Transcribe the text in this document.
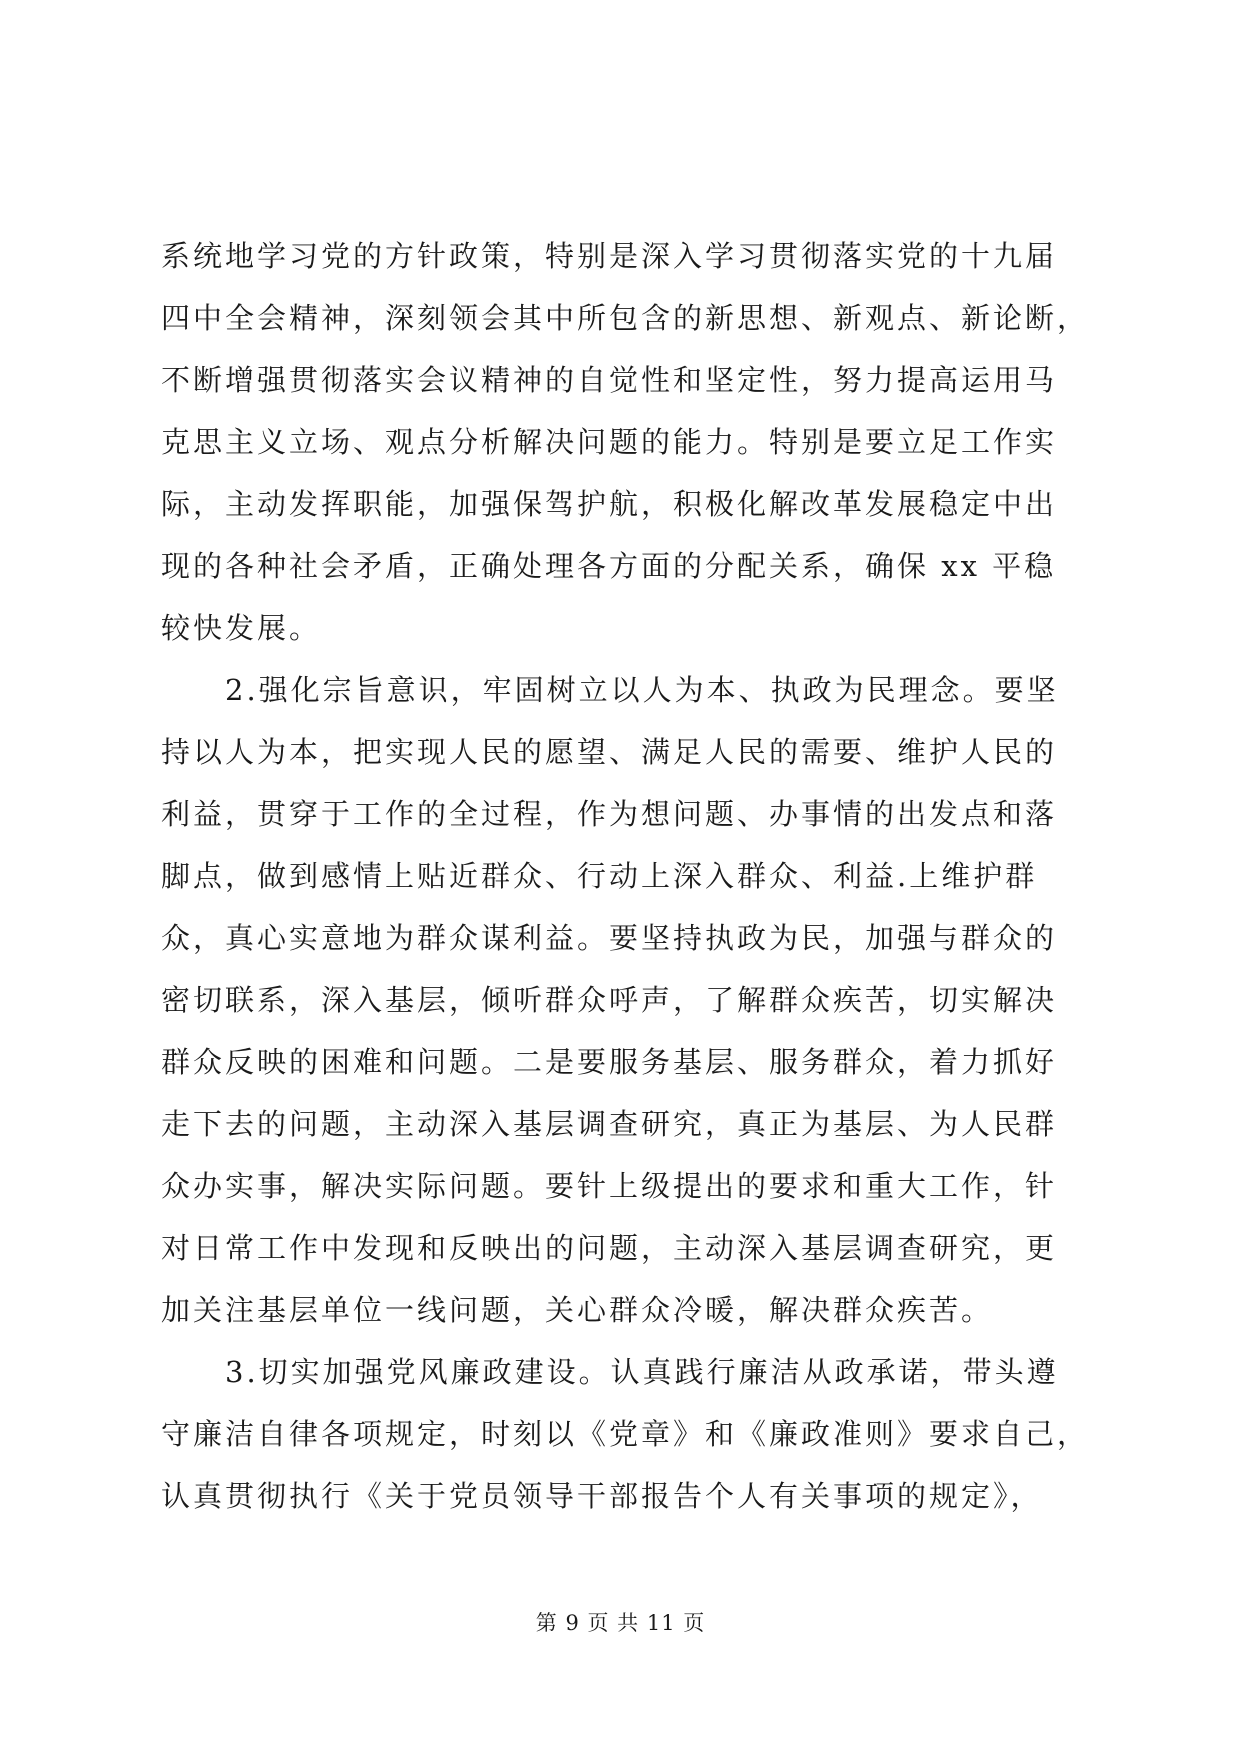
系统地学习党的方针政策，特别是深入学习贯彻落实党的十九届
四中全会精神，深刻领会其中所包含的新思想、新观点、新论断，
不断增强贯彻落实会议精神的自觉性和坚定性，努力提高运用马
克思主义立场、观点分析解决问题的能力。特别是要立足工作实
际，主动发挥职能，加强保驾护航，积极化解改革发展稳定中出
现的各种社会矛盾，正确处理各方面的分配关系，确保 xx 平稳
较快发展。
　　2.强化宗旨意识，牢固树立以人为本、执政为民理念。要坚
持以人为本，把实现人民的愿望、满足人民的需要、维护人民的
利益，贯穿于工作的全过程，作为想问题、办事情的出发点和落
脚点，做到感情上贴近群众、行动上深入群众、利益.上维护群
众，真心实意地为群众谋利益。要坚持执政为民，加强与群众的
密切联系，深入基层，倾听群众呼声，了解群众疾苦，切实解决
群众反映的困难和问题。二是要服务基层、服务群众，着力抓好
走下去的问题，主动深入基层调查研究，真正为基层、为人民群
众办实事，解决实际问题。要针上级提出的要求和重大工作，针
对日常工作中发现和反映出的问题，主动深入基层调查研究，更
加关注基层单位一线问题，关心群众冷暖，解决群众疾苦。
　　3.切实加强党风廉政建设。认真践行廉洁从政承诺，带头遵
守廉洁自律各项规定，时刻以《党章》和《廉政准则》要求自己，
认真贯彻执行《关于党员领导干部报告个人有关事项的规定》，
第 9 页 共 11 页
